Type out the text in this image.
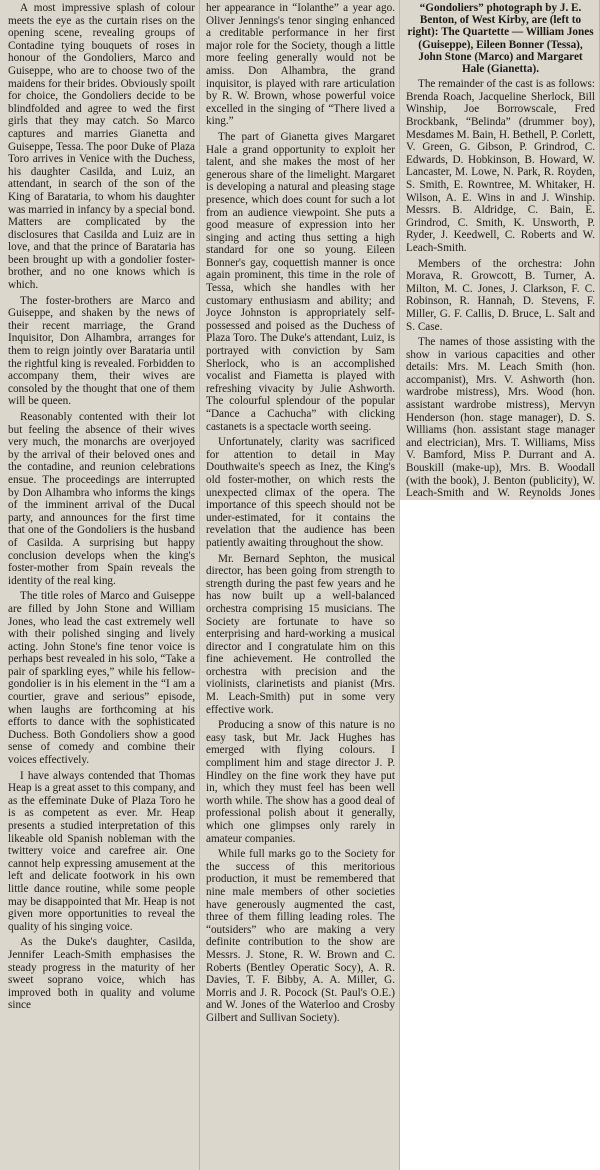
A most impressive splash of colour meets the eye as the curtain rises on the opening scene, revealing groups of Contadine tying bouquets of roses in honour of the Gondoliers, Marco and Guiseppe, who are to choose two of the maidens for their brides. Obviously spoilt for choice, the Gondoliers decide to be blindfolded and agree to wed the first girls that they may catch. So Marco captures and marries Gianetta and Guiseppe, Tessa. The poor Duke of Plaza Toro arrives in Venice with the Duchess, his daughter Casilda, and Luiz, an attendant, in search of the son of the King of Barataria, to whom his daughter was married in infancy by a special bond. Matters are complicated by the disclosures that Casilda and Luiz are in love, and that the prince of Barataria has been brought up with a gondolier foster-brother, and no one knows which is which.

The foster-brothers are Marco and Guiseppe, and shaken by the news of their recent marriage, the Grand Inquisitor, Don Alhambra, arranges for them to reign jointly over Barataria until the rightful king is revealed. Forbidden to accompany them, their wives are consoled by the thought that one of them will be queen.

Reasonably contented with their lot but feeling the absence of their wives very much, the monarchs are overjoyed by the arrival of their beloved ones and the contadine, and reunion celebrations ensue. The proceedings are interrupted by Don Alhambra who informs the kings of the imminent arrival of the Ducal party, and announces for the first time that one of the Gondoliers is the husband of Casilda. A surprising but happy conclusion develops when the king's foster-mother from Spain reveals the identity of the real king.

The title roles of Marco and Guiseppe are filled by John Stone and William Jones, who lead the cast extremely well with their polished singing and lively acting. John Stone's fine tenor voice is perhaps best revealed in his solo, “Take a pair of sparkling eyes,” while his fellow-gondolier is in his element in the “I am a courtier, grave and serious” episode, when laughs are forthcoming at his efforts to dance with the sophisticated Duchess. Both Gondoliers show a good sense of comedy and combine their voices effectively.

I have always contended that Thomas Heap is a great asset to this company, and as the effeminate Duke of Plaza Toro he is as competent as ever. Mr. Heap presents a studied interpretation of this likeable old Spanish nobleman with the twittery voice and carefree air. One cannot help expressing amusement at the left and delicate footwork in his own little dance routine, while some people may be disappointed that Mr. Heap is not given more opportunities to reveal the quality of his singing voice.

As the Duke's daughter, Casilda, Jennifer Leach-Smith emphasises the steady progress in the maturity of her sweet soprano voice, which has improved both in quality and volume since

her appearance in “Iolanthe” a year ago. Oliver Jennings's tenor singing enhanced a creditable performance in her first major role for the Society, though a little more feeling generally would not be amiss. Don Alhambra, the grand inquisitor, is played with rare articulation by R. W. Brown, whose powerful voice excelled in the singing of “There lived a king.”

The part of Gianetta gives Margaret Hale a grand opportunity to exploit her talent, and she makes the most of her generous share of the limelight. Margaret is developing a natural and pleasing stage presence, which does count for such a lot from an audience viewpoint. She puts a good measure of expression into her singing and acting thus setting a high standard for one so young. Eileen Bonner's gay, coquettish manner is once again prominent, this time in the role of Tessa, which she handles with her customary enthusiasm and ability; and Joyce Johnston is appropriately self-possessed and poised as the Duchess of Plaza Toro. The Duke's attendant, Luiz, is portrayed with conviction by Sam Sherlock, who is an accomplished vocalist and Fiametta is played with refreshing vivacity by Julie Ashworth. The colourful splendour of the popular “Dance a Cachucha” with clicking castanets is a spectacle worth seeing.

Unfortunately, clarity was sacrificed for attention to detail in May Douthwaite's speech as Inez, the King's old foster-mother, on which rests the unexpected climax of the opera. The importance of this speech should not be under-estimated, for it contains the revelation that the audience has been patiently awaiting throughout the show.

Mr. Bernard Sephton, the musical director, has been going from strength to strength during the past few years and he has now built up a well-balanced orchestra comprising 15 musicians. The Society are fortunate to have so enterprising and hard-working a musical director and I congratulate him on this fine achievement. He controlled the orchestra with precision and the violinists, clarinetists and pianist (Mrs. M. Leach-Smith) put in some very effective work.

Producing a snow of this nature is no easy task, but Mr. Jack Hughes has emerged with flying colours. I compliment him and stage director J. P. Hindley on the fine work they have put in, which they must feel has been well worth while. The show has a good deal of professional polish about it generally, which one glimpses only rarely in amateur companies.

While full marks go to the Society for the success of this meritorious production, it must be remembered that nine male members of other societies have generously augmented the cast, three of them filling leading roles. The “outsiders” who are making a very definite contribution to the show are Messrs. J. Stone, R. W. Brown and C. Roberts (Bentley Operatic Socy), A. R. Davies, T. F. Bibby, A. A. Miller, G. Morris and J. R. Pocock (St. Paul's O.E.) and W. Jones of the Waterloo and Crosby Gilbert and Sullivan Society).

“Gondoliers” photograph by J. E. Benton, of West Kirby, are (left to right): The Quartette — William Jones (Guiseppe), Eileen Bonner (Tessa), John Stone (Marco) and Margaret Hale (Gianetta).

The remainder of the cast is as follows: Brenda Roach, Jacqueline Sherlock, Bill Winship, Joe Borrowscale, Fred Brockbank, “Belinda” (drummer boy), Mesdames M. Bain, H. Bethell, P. Corlett, V. Green, G. Gibson, P. Grindrod, C. Edwards, D. Hobkinson, B. Howard, W. Lancaster, M. Lowe, N. Park, R. Royden, S. Smith, E. Rowntree, M. Whitaker, H. Wilson, A. E. Wins in and J. Winship. Messrs. B. Aldridge, C. Bain, E. Grindrod, C. Smith, K. Unsworth, P. Ryder, J. Keedwell, C. Roberts and W. Leach-Smith.

Members of the orchestra: John Morava, R. Growcott, B. Turner, A. Milton, M. C. Jones, J. Clarkson, F. C. Robinson, R. Hannah, D. Stevens, F. Miller, G. F. Callis, D. Bruce, L. Salt and S. Case.

The names of those assisting with the show in various capacities and other details: Mrs. M. Leach Smith (hon. accompanist), Mrs. V. Ashworth (hon. wardrobe mistress), Mrs. Wood (hon. assistant wardrobe mistress), Mervyn Henderson (hon. stage manager), D. S. Williams (hon. assistant stage manager and electrician), Mrs. T. Williams, Miss V. Bamford, Miss P. Durrant and A. Bouskill (make-up), Mrs. B. Woodall (with the book), J. Benton (publicity), W. Leach-Smith and W. Reynolds Jones
